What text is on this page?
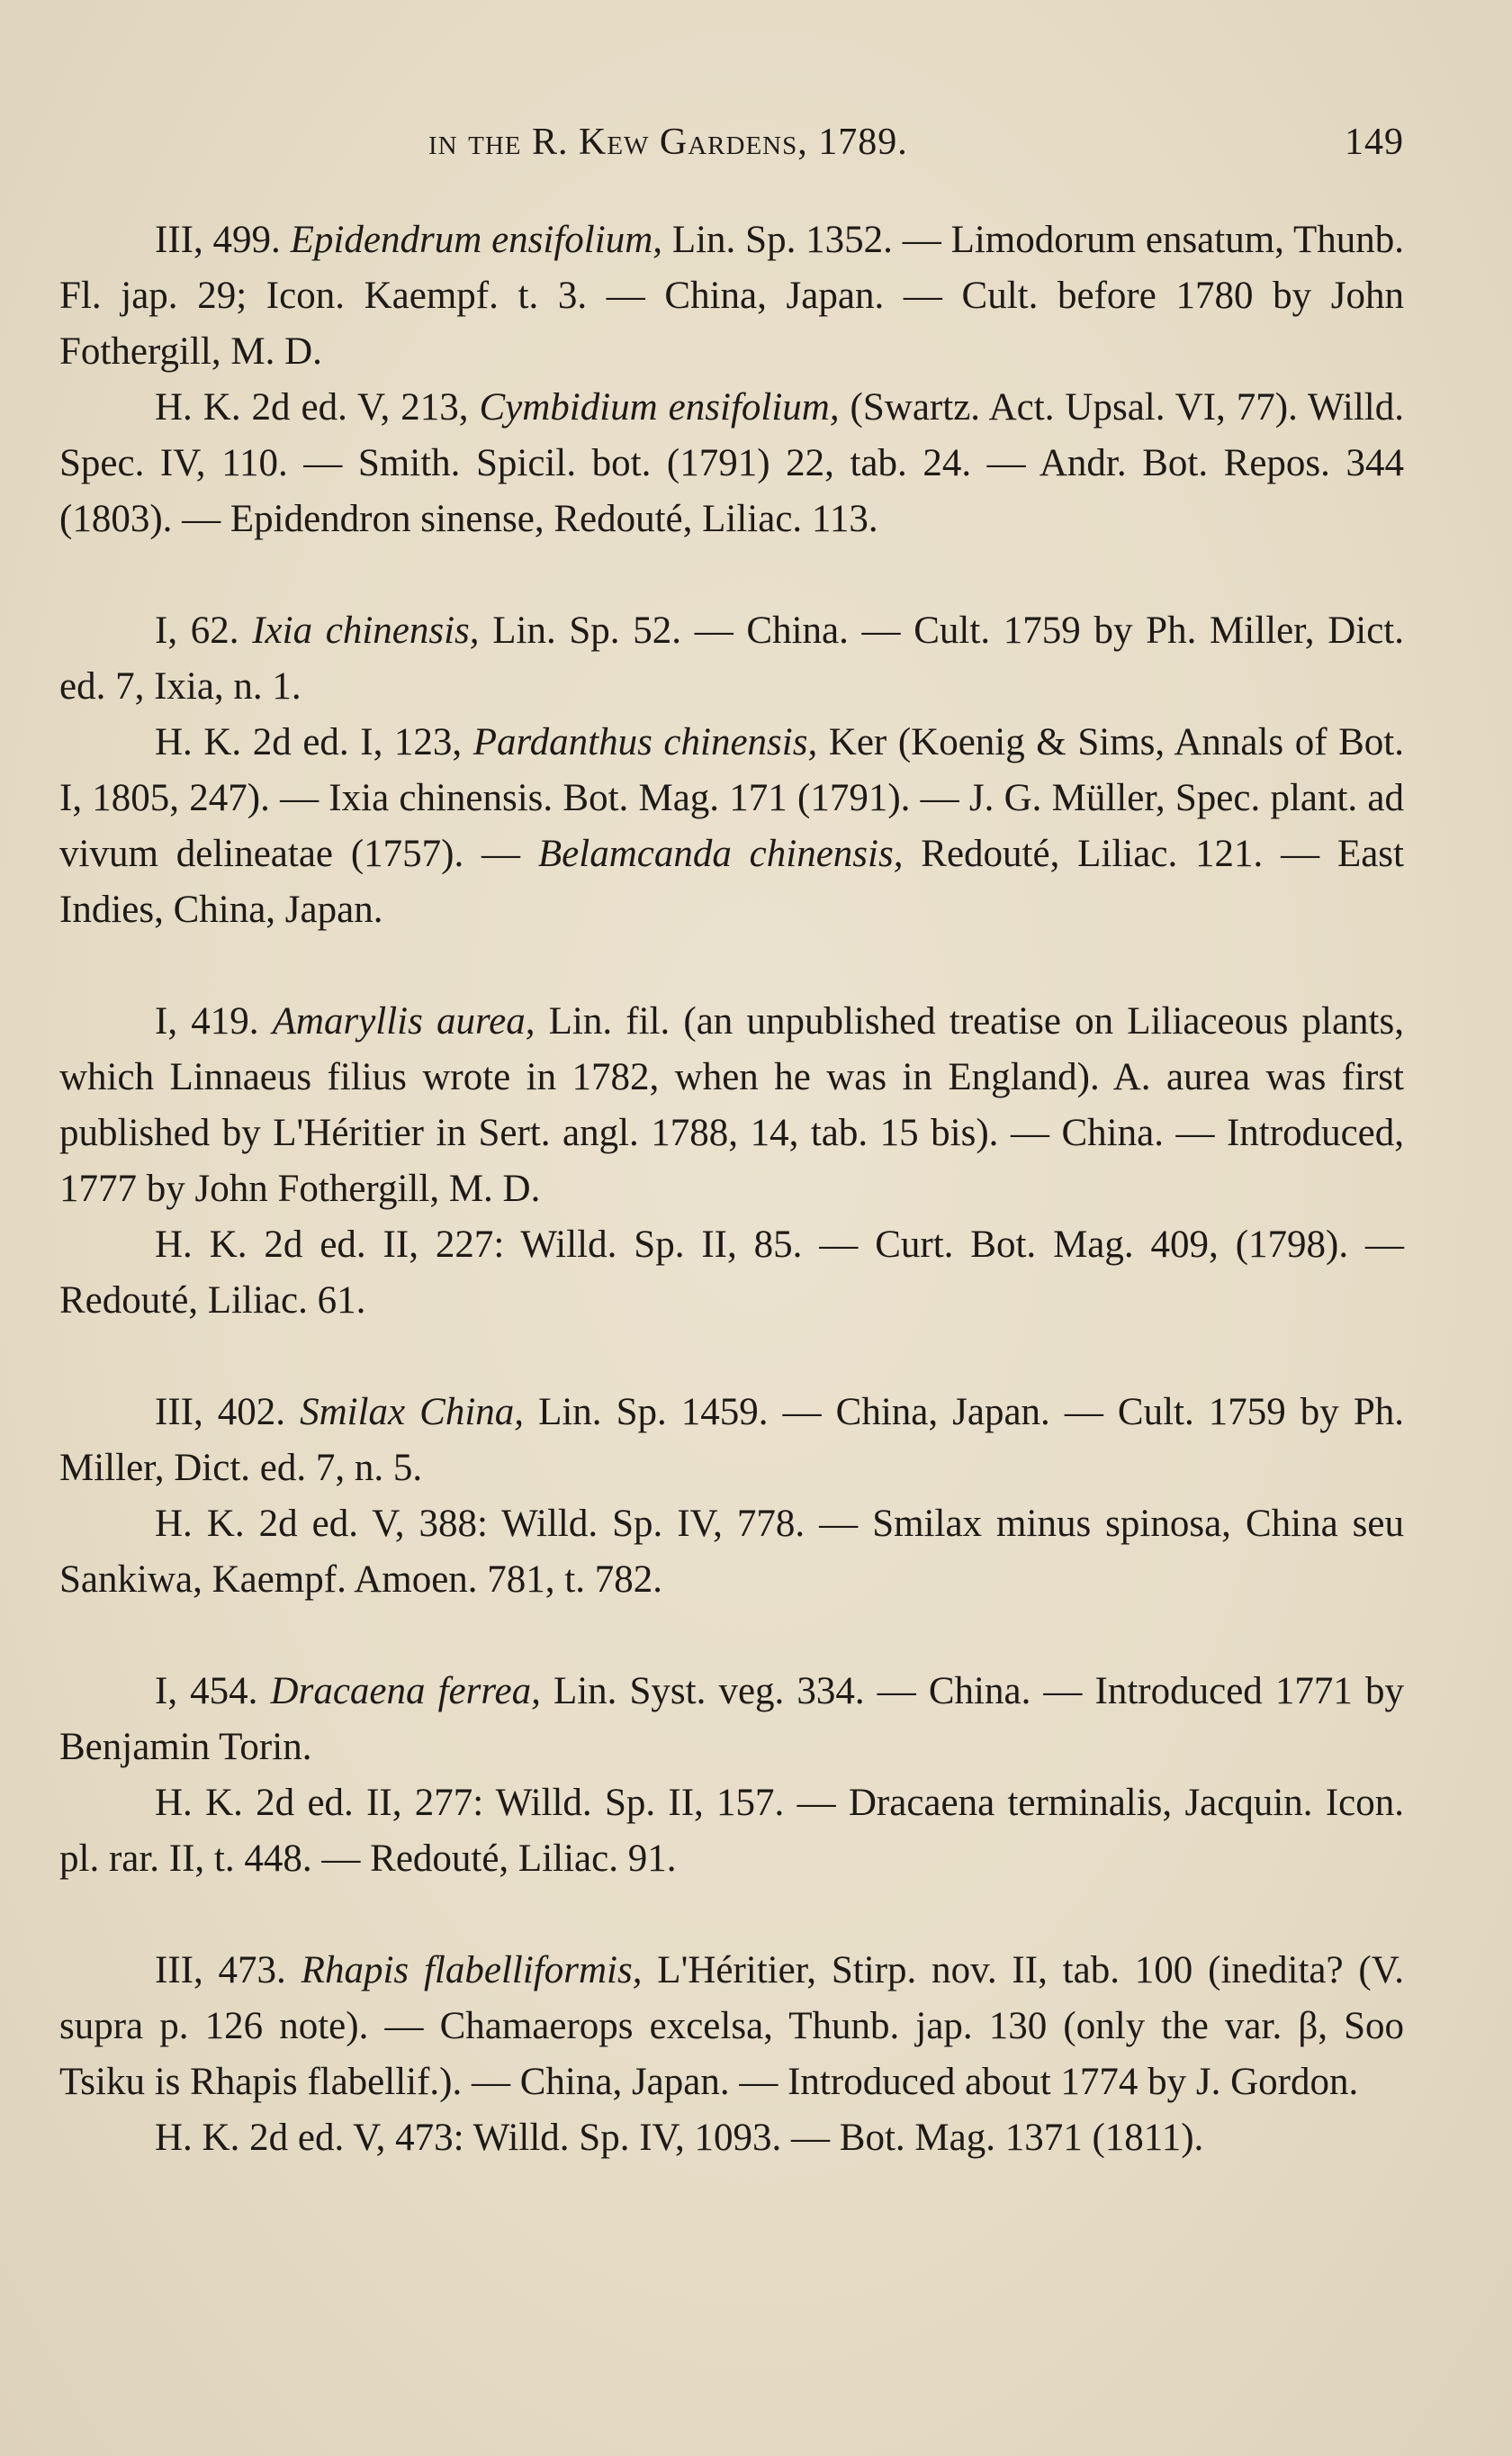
in the R. Kew Gardens, 1789.	149

III, 499. Epidendrum ensifolium, Lin. Sp. 1352. — Limodorum ensatum, Thunb. Fl. jap. 29; Icon. Kaempf. t. 3. — China, Japan. — Cult. before 1780 by John Fothergill, M. D.

H. K. 2d ed. V, 213, Cymbidium ensifolium, (Swartz. Act. Upsal. VI, 77). Willd. Spec. IV, 110. — Smith. Spicil. bot. (1791) 22, tab. 24. — Andr. Bot. Repos. 344 (1803). — Epidendron sinense, Redouté, Liliac. 113.

I, 62. Ixia chinensis, Lin. Sp. 52. — China. — Cult. 1759 by Ph. Miller, Dict. ed. 7, Ixia, n. 1.

H. K. 2d ed. I, 123, Pardanthus chinensis, Ker (Koenig & Sims, Annals of Bot. I, 1805, 247). — Ixia chinensis. Bot. Mag. 171 (1791). — J. G. Müller, Spec. plant. ad vivum delineatae (1757). — Belamcanda chinensis, Redouté, Liliac. 121. — East Indies, China, Japan.

I, 419. Amaryllis aurea, Lin. fil. (an unpublished treatise on Liliaceous plants, which Linnaeus filius wrote in 1782, when he was in England). A. aurea was first published by L'Héritier in Sert. angl. 1788, 14, tab. 15 bis). — China. — Introduced, 1777 by John Fothergill, M. D.

H. K. 2d ed. II, 227: Willd. Sp. II, 85. — Curt. Bot. Mag. 409, (1798). — Redouté, Liliac. 61.

III, 402. Smilax China, Lin. Sp. 1459. — China, Japan. — Cult. 1759 by Ph. Miller, Dict. ed. 7, n. 5.

H. K. 2d ed. V, 388: Willd. Sp. IV, 778. — Smilax minus spinosa, China seu Sankiwa, Kaempf. Amoen. 781, t. 782.

I, 454. Dracaena ferrea, Lin. Syst. veg. 334. — China. — Introduced 1771 by Benjamin Torin.

H. K. 2d ed. II, 277: Willd. Sp. II, 157. — Dracaena terminalis, Jacquin. Icon. pl. rar. II, t. 448. — Redouté, Liliac. 91.

III, 473. Rhapis flabelliformis, L'Héritier, Stirp. nov. II, tab. 100 (inedita? (V. supra p. 126 note). — Chamaerops excelsa, Thunb. jap. 130 (only the var. β, Soo Tsiku is Rhapis flabellif.). — China, Japan. — Introduced about 1774 by J. Gordon.

H. K. 2d ed. V, 473: Willd. Sp. IV, 1093. — Bot. Mag. 1371 (1811).
